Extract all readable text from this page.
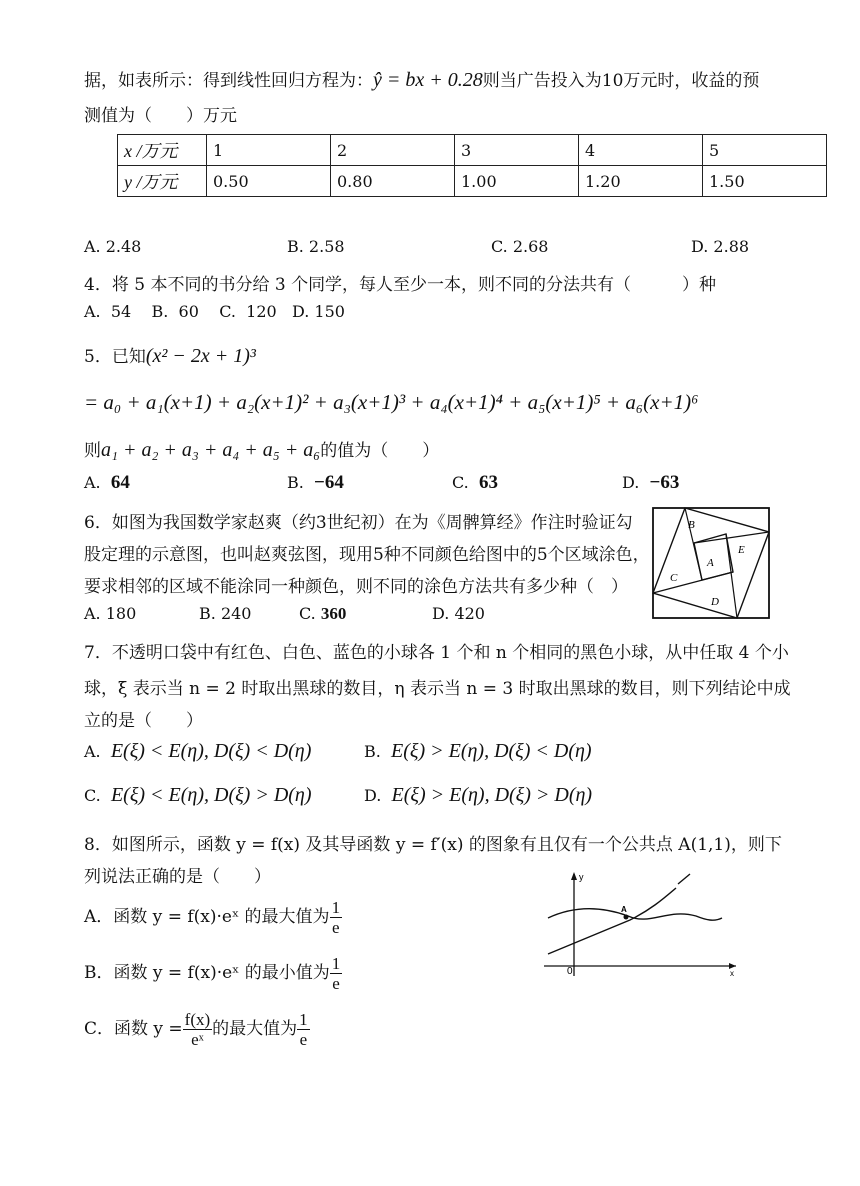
据，如表所示：得到线性回归方程为：ŷ = bx + 0.28则当广告投入为10万元时，收益的预
测值为（　　）万元
x /万元	1	2	3	4	5
y /万元	0.50	0.80	1.00	1.20	1.50
A. 2.48	B. 2.58	C. 2.68	D. 2.88
4．将 5 本不同的书分给 3 个同学，每人至少一本，则不同的分法共有（　　　）种
A.  54    B.  60    C.  120   D. 150
5．已知(x² − 2x + 1)³
= a₀ + a₁(x+1) + a₂(x+1)² + a₃(x+1)³ + a₄(x+1)⁴ + a₅(x+1)⁵ + a₆(x+1)⁶
则a₁ + a₂ + a₃ + a₄ + a₅ + a₆的值为（　　）
A. 64	B. −64	C. 63	D. −63
6．如图为我国数学家赵爽（约3世纪初）在为《周髀算经》作注时验证勾
股定理的示意图，也叫赵爽弦图，现用5种不同颜色给图中的5个区域涂色，
要求相邻的区域不能涂同一种颜色，则不同的涂色方法共有多少种（　）
A. 180	B. 240	C. 360	D. 420
B
E
A
C
D
7．不透明口袋中有红色、白色、蓝色的小球各 1 个和 n 个相同的黑色小球，从中任取 4 个小
球，ξ 表示当 n = 2 时取出黑球的数目，η 表示当 n = 3 时取出黑球的数目，则下列结论中成
立的是（　　）
A. E(ξ) < E(η), D(ξ) < D(η)	B. E(ξ) > E(η), D(ξ) < D(η)
C. E(ξ) < E(η), D(ξ) > D(η)	D. E(ξ) > E(η), D(ξ) > D(η)
8．如图所示，函数 y = f(x) 及其导函数 y = f′(x) 的图象有且仅有一个公共点 A(1,1)，则下
列说法正确的是（　　）
A．函数 y = f(x)·eˣ 的最大值为 $\frac{1}{e}$
B．函数 y = f(x)·eˣ 的最小值为 $\frac{1}{e}$
C．函数 $y = \frac{f(x)}{\text{eˣ}}$ 的最大值为 $\frac{1}{e}$
0
y
A
x
